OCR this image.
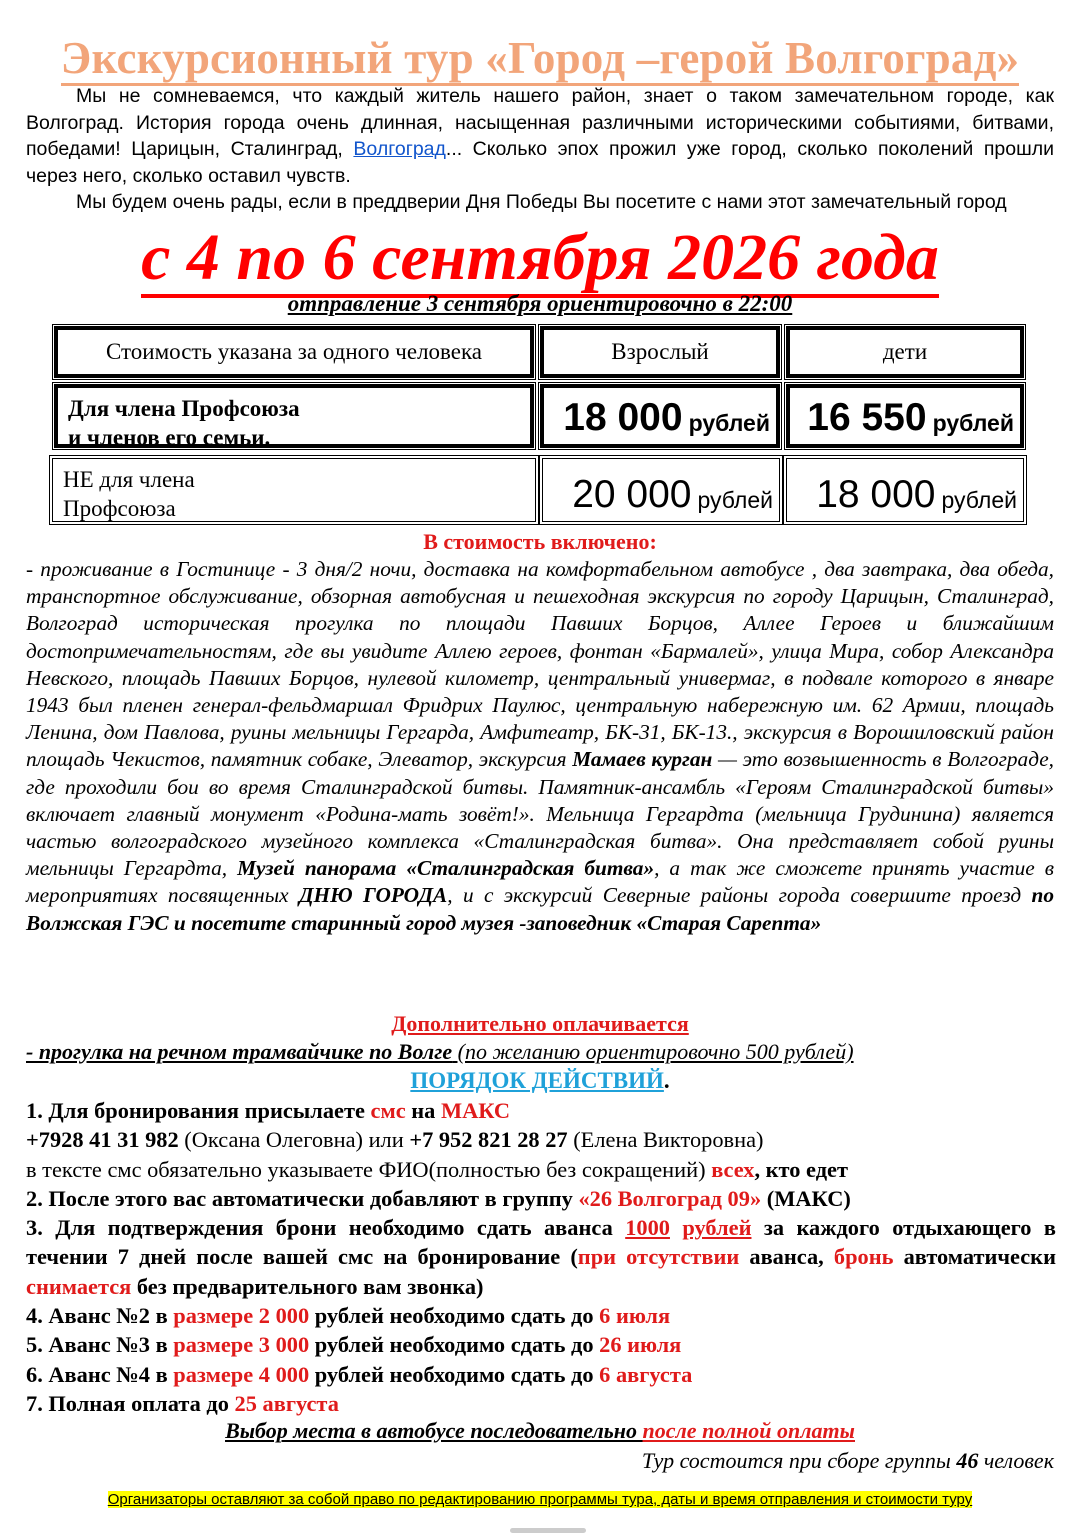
Экскурсионный тур «Город –герой Волгоград»

Мы не сомневаемся, что каждый житель нашего район, знает о таком замечательном городе, как Волгоград. История города очень длинная, насыщенная различными историческими событиями, битвами, победами! Царицын, Сталинград, Волгоград... Сколько эпох прожил уже город, сколько поколений прошли через него, сколько оставил чувств.

Мы будем очень рады, если в преддверии Дня Победы Вы посетите с нами этот замечательный город

с 4 по 6 сентября 2026 года
отправление 3 сентября ориентировочно в 22:00
Стоимость указана за одного человека	Взрослый	дети
Для члена Профсоюза
и членов его семьи.	18 000 рублей 16 550 рублей
НЕ для члена
Профсоюза	20 000 рублей 18 000 рублей
В стоимость включено:
- проживание в Гостинице - 3 дня/2 ночи, доставка на комфортабельном автобусе , два завтрака, два обеда, транспортное обслуживание, обзорная автобусная и пешеходная экскурсия по городу Царицын, Сталинград, Волгоград историческая прогулка по площади Павших Борцов, Аллее Героев и ближайшим достопримечательностям, где вы увидите Аллею героев, фонтан «Бармалей», улица Мира, собор Александра Невского, площадь Павших Борцов, нулевой километр, центральный универмаг, в подвале которого в январе 1943 был пленен генерал-фельдмаршал Фридрих Паулюс, центральную набережную им. 62 Армии, площадь Ленина, дом Павлова, руины мельницы Гергарда, Амфитеатр, БК-31, БК-13., экскурсия в Ворошиловский район площадь Чекистов, памятник собаке, Элеватор, экскурсия Мамаев курган — это возвышенность в Волгограде, где проходили бои во время Сталинградской битвы. Памятник-ансамбль «Героям Сталинградской битвы» включает главный монумент «Родина-мать зовёт!». Мельница Гергардта (мельница Грудинина) является частью волгоградского музейного комплекса «Сталинградская битва». Она представляет собой руины мельницы Гергардта, Музей панорама «Сталинградская битва», а так же сможете принять участие в мероприятиях посвященных ДНЮ ГОРОДА, и с экскурсий Северные районы города совершите проезд по Волжская ГЭС и посетите старинный город музея -заповедник «Старая Сарепта»
Дополнительно оплачивается
- прогулка на речном трамвайчике по Волге (по желанию ориентировочно 500 рублей)
ПОРЯДОК ДЕЙСТВИЙ.
1. Для бронирования присылаете смс на МАКС
+7928 41 31 982 (Оксана Олеговна) или +7 952 821 28 27 (Елена Викторовна)
в тексте смс обязательно указываете ФИО(полностью без сокращений) всех, кто едет
2. После этого вас автоматически добавляют в группу «26 Волгоград 09» (МАКС)
3. Для подтверждения брони необходимо сдать аванса 1000 рублей за каждого отдыхающего в течении 7 дней после вашей смс на бронирование (при отсутствии аванса, бронь автоматически снимается без предварительного вам звонка)
4. Аванс №2 в размере 2 000 рублей необходимо сдать до 6 июля
5. Аванс №3 в размере 3 000 рублей необходимо сдать до 26 июля
6. Аванс №4 в размере 4 000 рублей необходимо сдать до 6 августа
7. Полная оплата до 25 августа
Выбор места в автобусе последовательно после полной оплаты
Тур состоится при сборе группы 46 человек
Организаторы оставляют за собой право по редактированию программы тура, даты и время отправления и стоимости туру
